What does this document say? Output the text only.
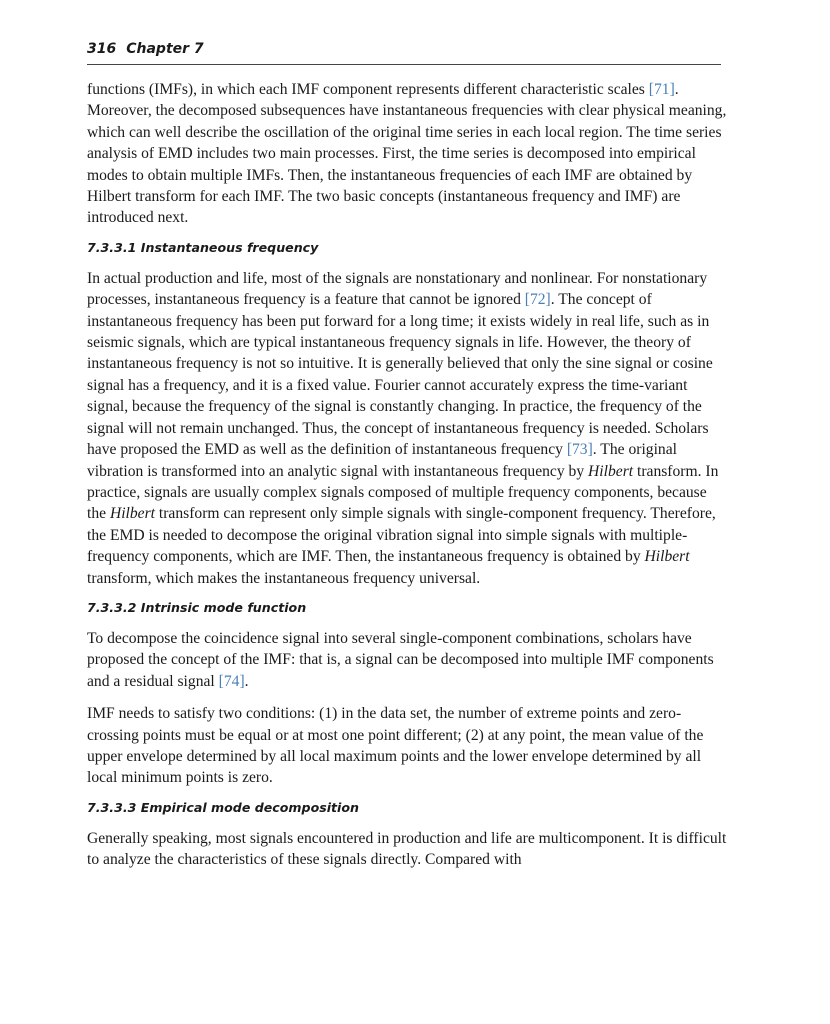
316 Chapter 7

functions (IMFs), in which each IMF component represents different characteristic scales [71]. Moreover, the decomposed subsequences have instantaneous frequencies with clear physical meaning, which can well describe the oscillation of the original time series in each local region. The time series analysis of EMD includes two main processes. First, the time series is decomposed into empirical modes to obtain multiple IMFs. Then, the instantaneous frequencies of each IMF are obtained by Hilbert transform for each IMF. The two basic concepts (instantaneous frequency and IMF) are introduced next.

7.3.3.1 Instantaneous frequency

In actual production and life, most of the signals are nonstationary and nonlinear. For nonstationary processes, instantaneous frequency is a feature that cannot be ignored [72]. The concept of instantaneous frequency has been put forward for a long time; it exists widely in real life, such as in seismic signals, which are typical instantaneous frequency signals in life. However, the theory of instantaneous frequency is not so intuitive. It is generally believed that only the sine signal or cosine signal has a frequency, and it is a fixed value. Fourier cannot accurately express the time-variant signal, because the frequency of the signal is constantly changing. In practice, the frequency of the signal will not remain unchanged. Thus, the concept of instantaneous frequency is needed. Scholars have proposed the EMD as well as the definition of instantaneous frequency [73]. The original vibration is transformed into an analytic signal with instantaneous frequency by Hilbert transform. In practice, signals are usually complex signals composed of multiple frequency components, because the Hilbert transform can represent only simple signals with single-component frequency. Therefore, the EMD is needed to decompose the original vibration signal into simple signals with multiple-frequency components, which are IMF. Then, the instantaneous frequency is obtained by Hilbert transform, which makes the instantaneous frequency universal.

7.3.3.2 Intrinsic mode function

To decompose the coincidence signal into several single-component combinations, scholars have proposed the concept of the IMF: that is, a signal can be decomposed into multiple IMF components and a residual signal [74].

IMF needs to satisfy two conditions: (1) in the data set, the number of extreme points and zero-crossing points must be equal or at most one point different; (2) at any point, the mean value of the upper envelope determined by all local maximum points and the lower envelope determined by all local minimum points is zero.

7.3.3.3 Empirical mode decomposition

Generally speaking, most signals encountered in production and life are multicomponent. It is difficult to analyze the characteristics of these signals directly. Compared with
